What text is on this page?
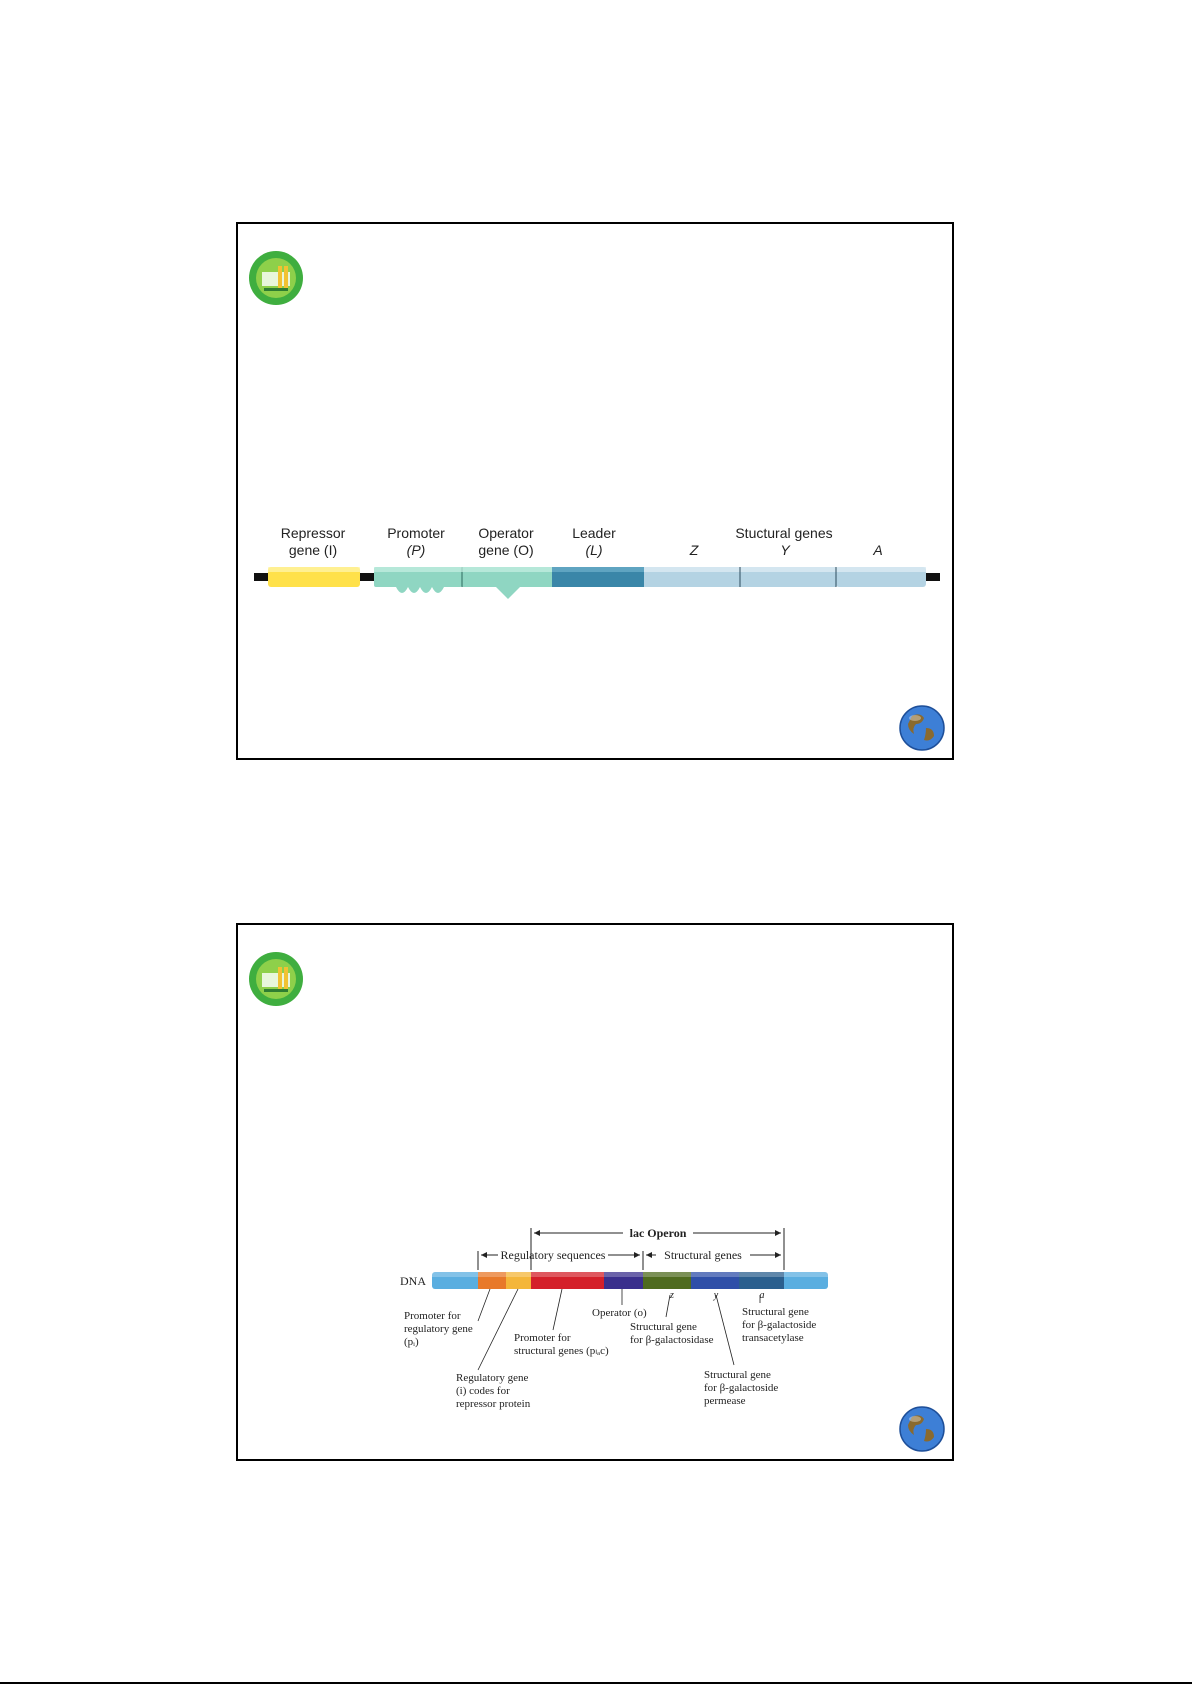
Repressor
gene (I)
Promoter
(P)
Operator
gene (O)
Leader
(L)
Stuctural genes
Z	Y	A
lac Operon
Regulatory sequences	Structural genes
DNA
z	y	a
Promoter for
regulatory gene
(pᵢ)
Regulatory gene
(i) codes for
repressor protein
Promoter for
structural genes (pₗₐc)
Operator (o)
Structural gene
for β-galactosidase
Structural gene
for β-galactoside
permease
Structural gene
for β-galactoside
transacetylase
